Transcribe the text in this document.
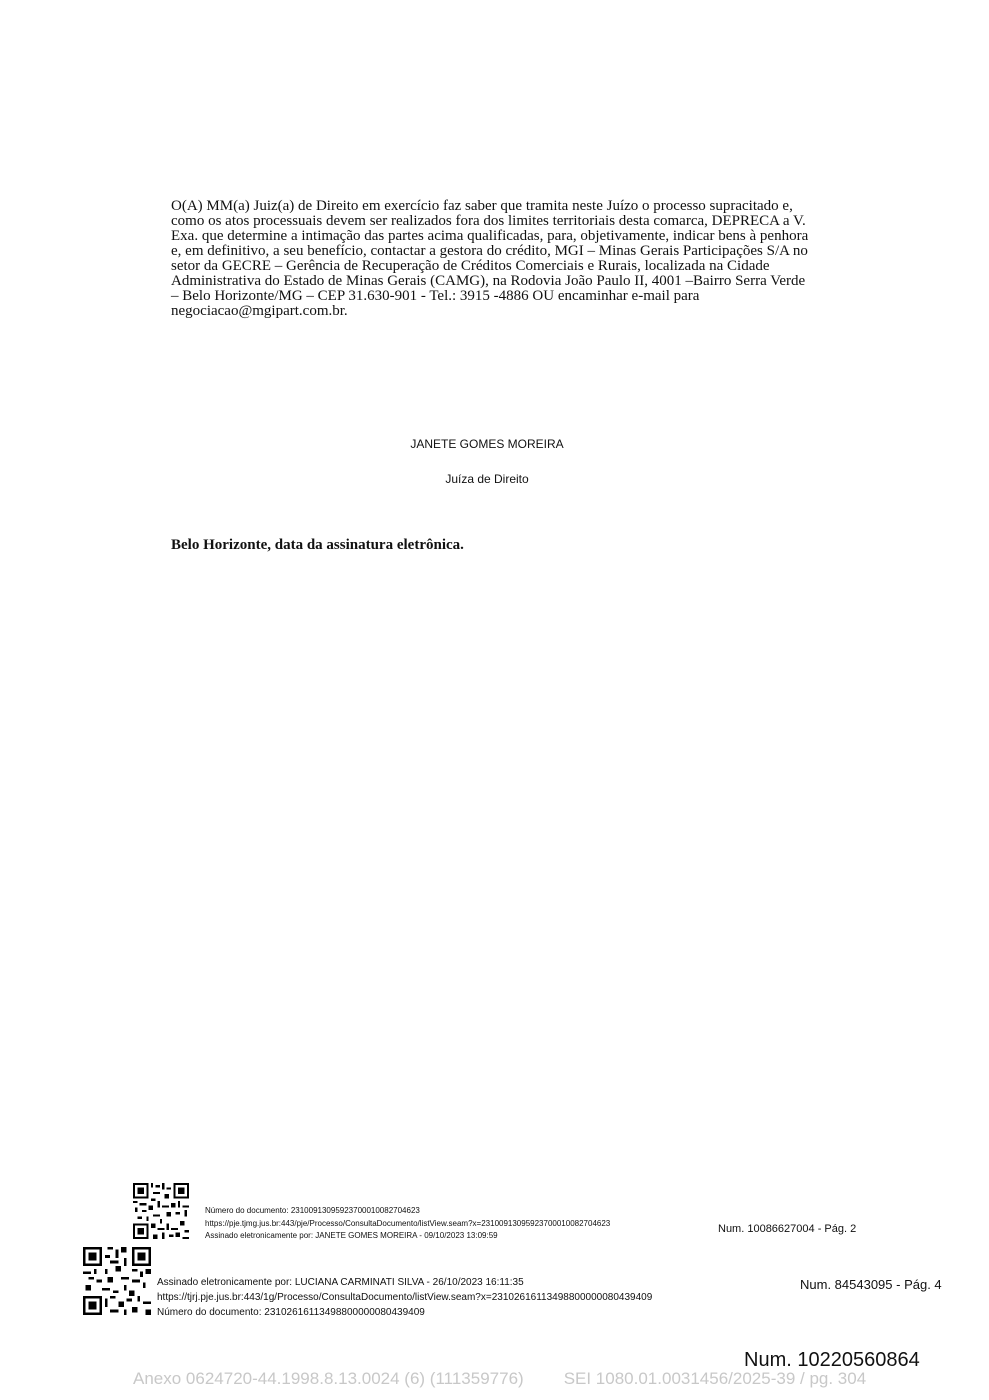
O(A) MM(a) Juiz(a) de Direito em exercício faz saber que tramita neste Juízo o processo supracitado e,
como os atos processuais devem ser realizados fora dos limites territoriais desta comarca, DEPRECA a V.
Exa. que determine a intimação das partes acima qualificadas, para, objetivamente, indicar bens à penhora
e, em definitivo, a seu benefício, contactar a gestora do crédito, MGI – Minas Gerais Participações S/A no
setor da GECRE – Gerência de Recuperação de Créditos Comerciais e Rurais, localizada na Cidade
Administrativa do Estado de Minas Gerais (CAMG), na Rodovia João Paulo II, 4001 –Bairro Serra Verde
– Belo Horizonte/MG – CEP 31.630-901 - Tel.: 3915 -4886 OU encaminhar e-mail para
negociacao@mgipart.com.br.
JANETE GOMES MOREIRA
Juíza de Direito
Belo Horizonte, data da assinatura eletrônica.
Número do documento: 23100913095923700010082704623
https://pje.tjmg.jus.br:443/pje/Processo/ConsultaDocumento/listView.seam?x=23100913095923700010082704623
Assinado eletronicamente por: JANETE GOMES MOREIRA - 09/10/2023 13:09:59
Num. 10086627004 - Pág. 2
Assinado eletronicamente por: LUCIANA CARMINATI SILVA - 26/10/2023 16:11:35
https://tjrj.pje.jus.br:443/1g/Processo/ConsultaDocumento/listView.seam?x=23102616113498800000080439409
Número do documento: 23102616113498800000080439409
Num. 84543095 - Pág. 4
Num. 10220560864
Anexo 0624720-44.1998.8.13.0024 (6) (111359776) SEI 1080.01.0031456/2025-39 / pg. 304
